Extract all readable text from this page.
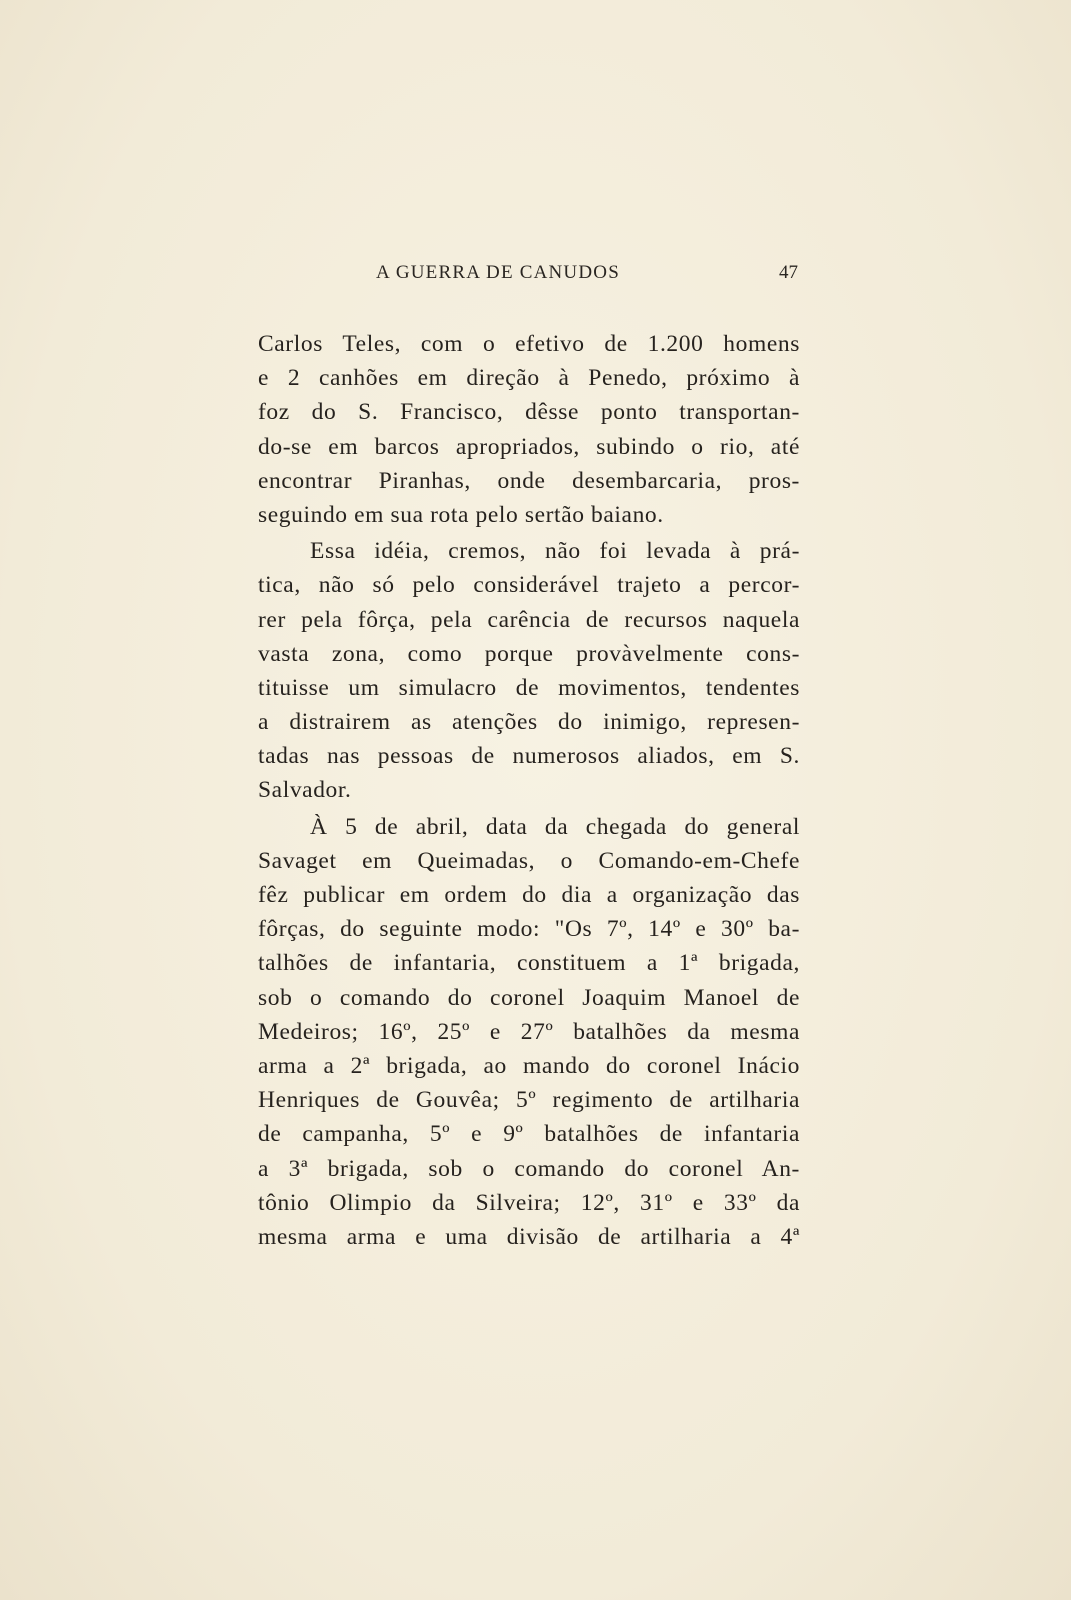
A GUERRA DE CANUDOS	47
Carlos Teles, com o efetivo de 1.200 homens
e 2 canhões em direção à Penedo, próximo à
foz do S. Francisco, dêsse ponto transportan-
do-se em barcos apropriados, subindo o rio, até
encontrar Piranhas, onde desembarcaria, pros-
seguindo em sua rota pelo sertão baiano.
Essa idéia, cremos, não foi levada à prá-
tica, não só pelo considerável trajeto a percor-
rer pela fôrça, pela carência de recursos naquela
vasta zona, como porque provàvelmente cons-
tituisse um simulacro de movimentos, tendentes
a distrairem as atenções do inimigo, represen-
tadas nas pessoas de numerosos aliados, em S.
Salvador.
À 5 de abril, data da chegada do general
Savaget em Queimadas, o Comando-em-Chefe
fêz publicar em ordem do dia a organização das
fôrças, do seguinte modo: "Os 7º, 14º e 30º ba-
talhões de infantaria, constituem a 1ª brigada,
sob o comando do coronel Joaquim Manoel de
Medeiros; 16º, 25º e 27º batalhões da mesma
arma a 2ª brigada, ao mando do coronel Inácio
Henriques de Gouvêa; 5º regimento de artilharia
de campanha, 5º e 9º batalhões de infantaria
a 3ª brigada, sob o comando do coronel An-
tônio Olimpio da Silveira; 12º, 31º e 33º da
mesma arma e uma divisão de artilharia a 4ª
